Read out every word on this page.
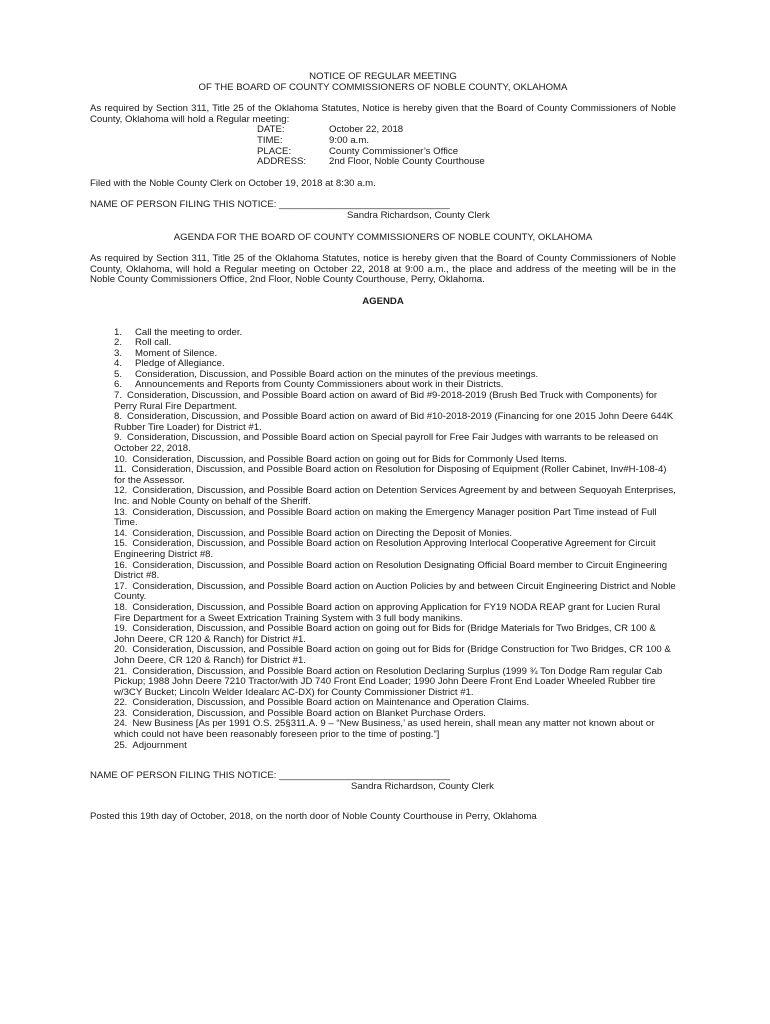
NOTICE OF REGULAR MEETING

OF THE BOARD OF COUNTY COMMISSIONERS OF NOBLE COUNTY, OKLAHOMA

As required by Section 311, Title 25 of the Oklahoma Statutes, Notice is hereby given that the Board of County Commissioners of Noble County, Oklahoma will hold a Regular meeting:

DATE:	October 22, 2018
TIME:	9:00 a.m.
PLACE:	County Commissioner’s Office
ADDRESS:	2nd Floor, Noble County Courthouse

Filed with the Noble County Clerk on October 19, 2018 at 8:30 a.m.

NAME OF PERSON FILING THIS NOTICE: ________________________________

Sandra Richardson, County Clerk

AGENDA FOR THE BOARD OF COUNTY COMMISSIONERS OF NOBLE COUNTY, OKLAHOMA

As required by Section 311, Title 25 of the Oklahoma Statutes, notice is hereby given that the Board of County Commissioners of Noble County, Oklahoma, will hold a Regular meeting on October 22, 2018 at 9:00 a.m., the place and address of the meeting will be in the Noble County Commissioners Office, 2nd Floor, Noble County Courthouse, Perry, Oklahoma.

AGENDA

1. Call the meeting to order.
2. Roll call.
3. Moment of Silence.
4. Pledge of Allegiance.
5. Consideration, Discussion, and Possible Board action on the minutes of the previous meetings.
6. Announcements and Reports from County Commissioners about work in their Districts.
7. Consideration, Discussion, and Possible Board action on award of Bid #9-2018-2019 (Brush Bed Truck with Components) for Perry Rural Fire Department.
8. Consideration, Discussion, and Possible Board action on award of Bid #10-2018-2019 (Financing for one 2015 John Deere 644K Rubber Tire Loader) for District #1.
9. Consideration, Discussion, and Possible Board action on Special payroll for Free Fair Judges with warrants to be released on October 22, 2018.
10. Consideration, Discussion, and Possible Board action on going out for Bids for Commonly Used Items.
11. Consideration, Discussion, and Possible Board action on Resolution for Disposing of Equipment (Roller Cabinet, Inv#H-108-4) for the Assessor.
12. Consideration, Discussion, and Possible Board action on Detention Services Agreement by and between Sequoyah Enterprises, Inc. and Noble County on behalf of the Sheriff.
13. Consideration, Discussion, and Possible Board action on making the Emergency Manager position Part Time instead of Full Time.
14. Consideration, Discussion, and Possible Board action on Directing the Deposit of Monies.
15. Consideration, Discussion, and Possible Board action on Resolution Approving Interlocal Cooperative Agreement for Circuit Engineering District #8.
16. Consideration, Discussion, and Possible Board action on Resolution Designating Official Board member to Circuit Engineering District #8.
17. Consideration, Discussion, and Possible Board action on Auction Policies by and between Circuit Engineering District and Noble County.
18. Consideration, Discussion, and Possible Board action on approving Application for FY19 NODA REAP grant for Lucien Rural Fire Department for a Sweet Extrication Training System with 3 full body manikins.
19. Consideration, Discussion, and Possible Board action on going out for Bids for (Bridge Materials for Two Bridges, CR 100 & John Deere, CR 120 & Ranch) for District #1.
20. Consideration, Discussion, and Possible Board action on going out for Bids for (Bridge Construction for Two Bridges, CR 100 & John Deere, CR 120 & Ranch) for District #1.
21. Consideration, Discussion, and Possible Board action on Resolution Declaring Surplus (1999 ¾ Ton Dodge Ram regular Cab Pickup; 1988 John Deere 7210 Tractor/with JD 740 Front End Loader; 1990 John Deere Front End Loader Wheeled Rubber tire w/3CY Bucket; Lincoln Welder Idealarc AC-DX) for County Commissioner District #1.
22. Consideration, Discussion, and Possible Board action on Maintenance and Operation Claims.
23. Consideration, Discussion, and Possible Board action on Blanket Purchase Orders.
24. New Business [As per 1991 O.S. 25§311.A. 9 – “New Business,’ as used herein, shall mean any matter not known about or which could not have been reasonably foreseen prior to the time of posting.”]
25. Adjournment

NAME OF PERSON FILING THIS NOTICE: ________________________________

Sandra Richardson, County Clerk

Posted this 19th day of October, 2018, on the north door of Noble County Courthouse in Perry, Oklahoma
